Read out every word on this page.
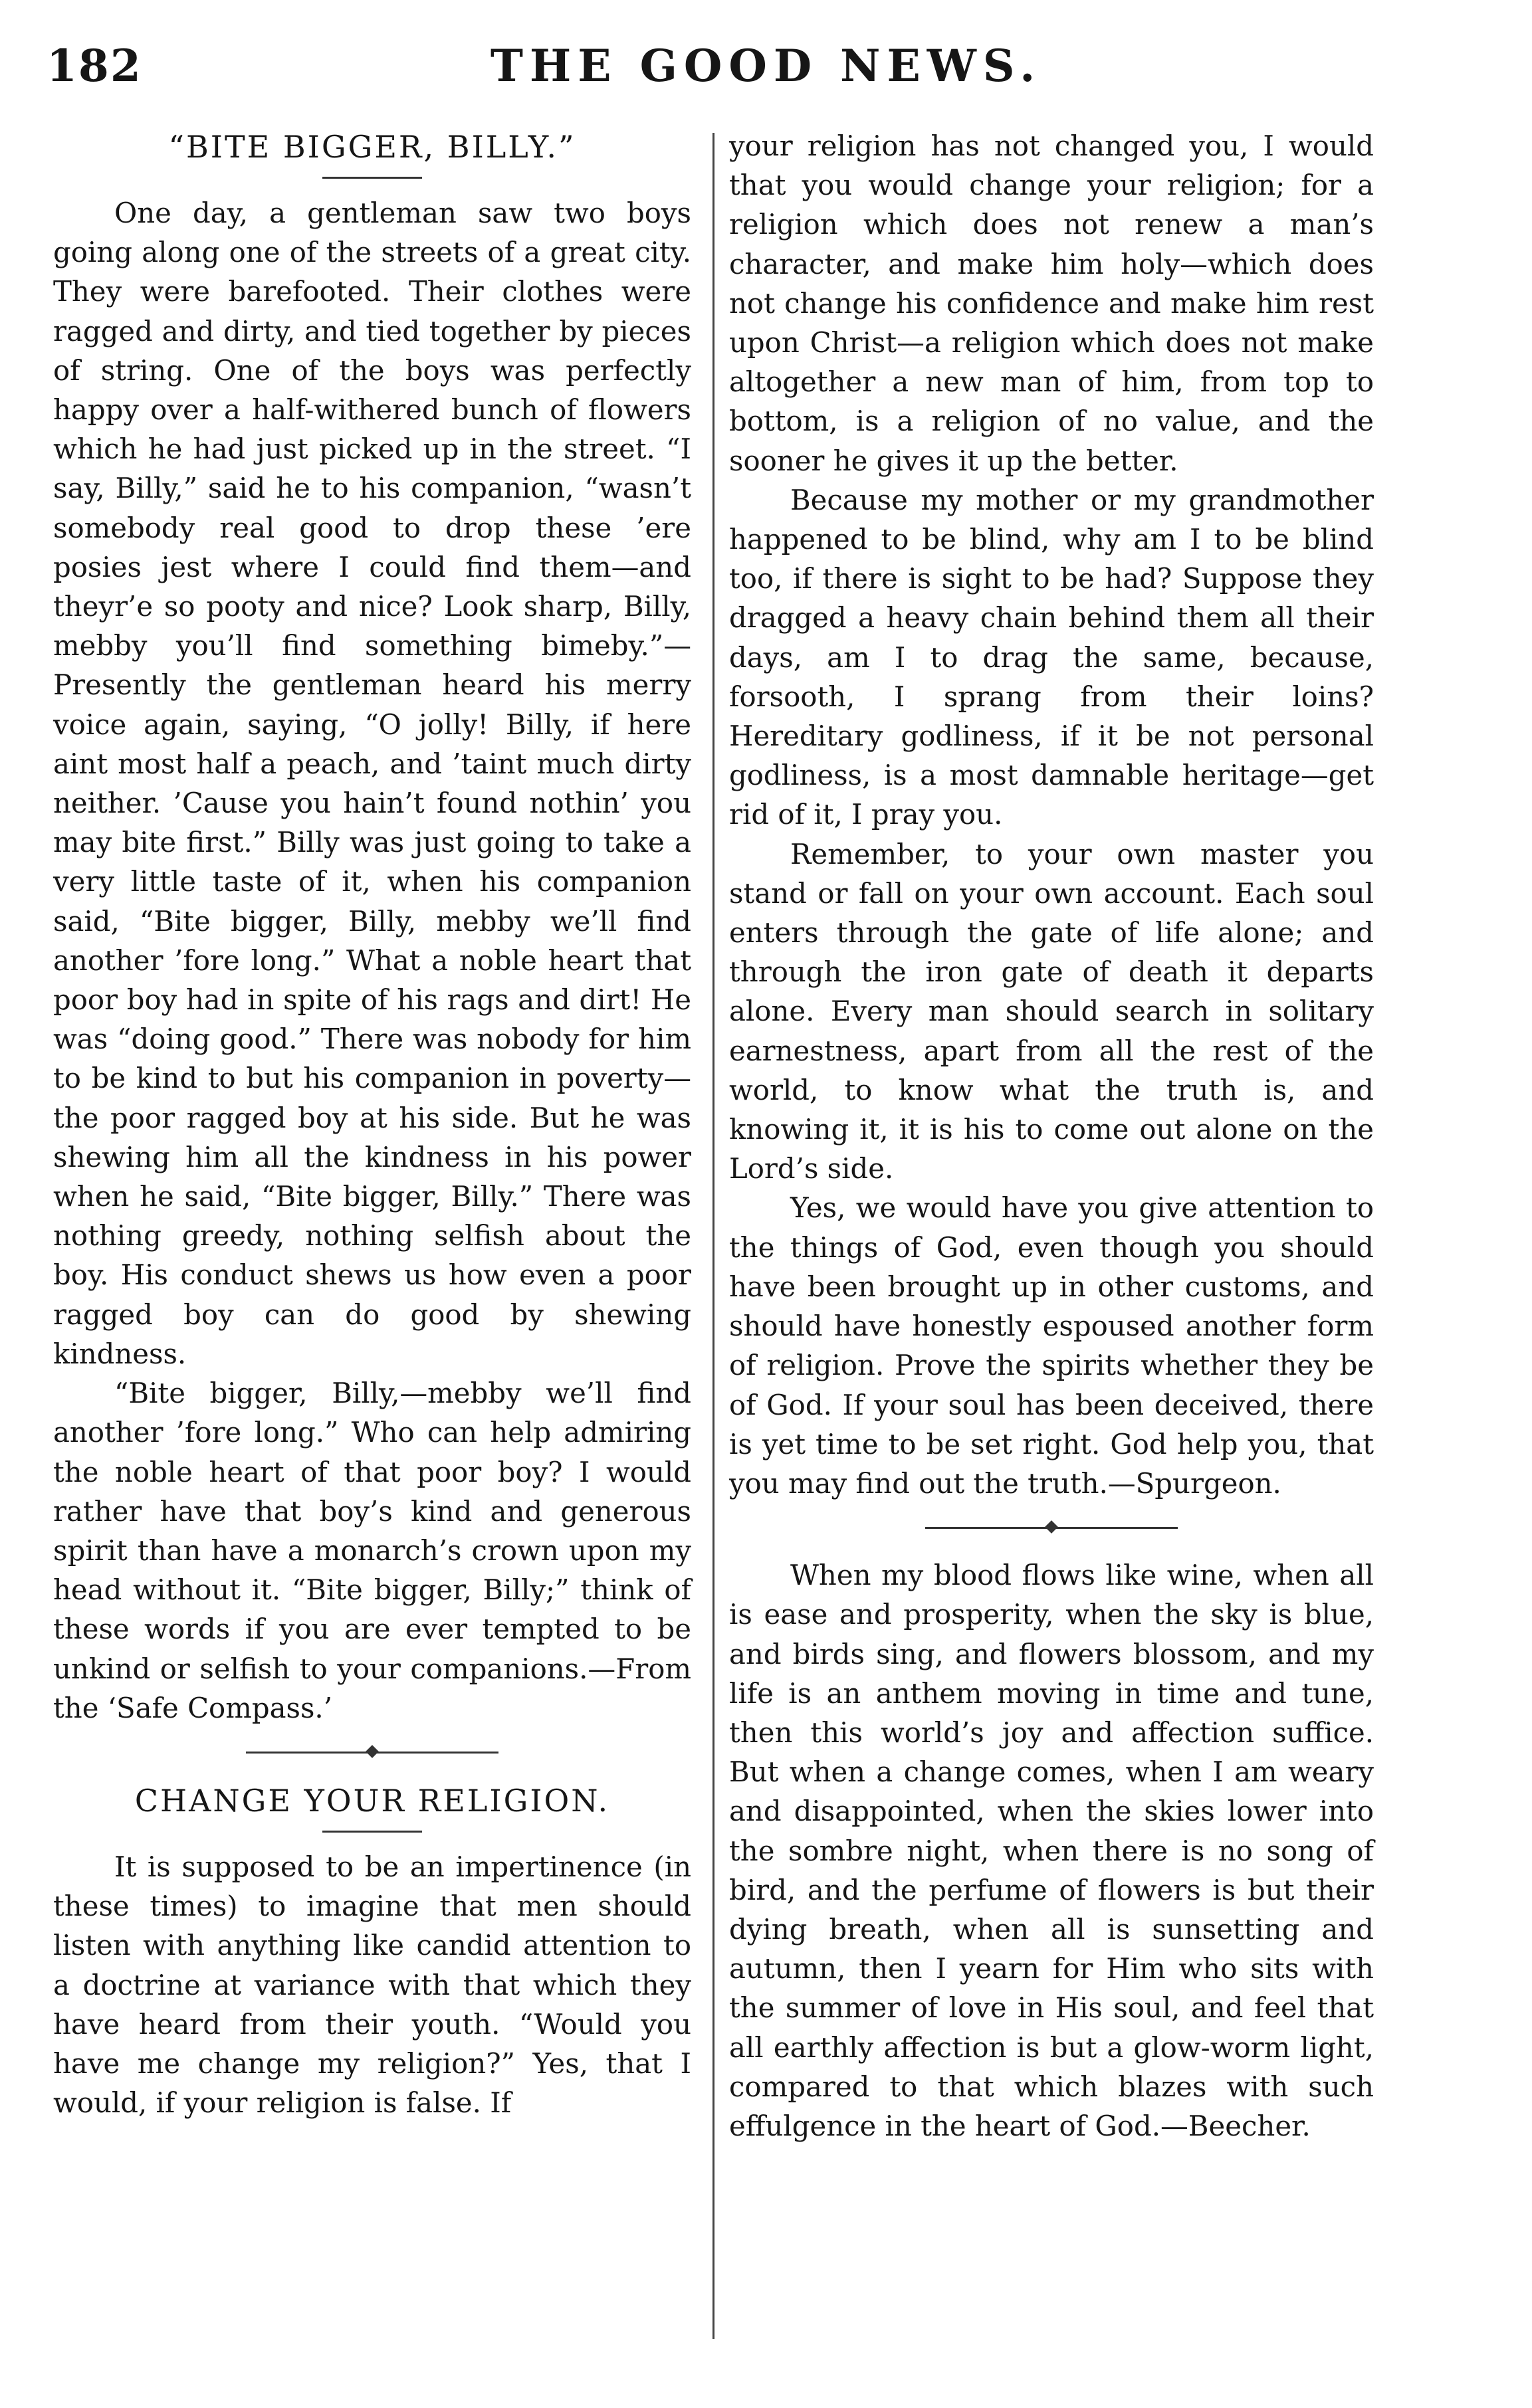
182	THE GOOD NEWS.
“BITE BIGGER, BILLY.”

One day, a gentleman saw two boys going along one of the streets of a great city. They were barefooted. Their clothes were ragged and dirty, and tied together by pieces of string. One of the boys was perfectly happy over a half-withered bunch of flowers which he had just picked up in the street. “I say, Billy,” said he to his companion, “wasn’t somebody real good to drop these ’ere posies jest where I could find them—and theyr’e so pooty and nice? Look sharp, Billy, mebby you’ll find something bimeby.”—Presently the gentleman heard his merry voice again, saying, “O jolly! Billy, if here aint most half a peach, and ’taint much dirty neither. ’Cause you hain’t found nothin’ you may bite first.” Billy was just going to take a very little taste of it, when his companion said, “Bite bigger, Billy, mebby we’ll find another ’fore long.” What a noble heart that poor boy had in spite of his rags and dirt! He was “doing good.” There was nobody for him to be kind to but his companion in poverty—the poor ragged boy at his side. But he was shewing him all the kindness in his power when he said, “Bite bigger, Billy.” There was nothing greedy, nothing selfish about the boy. His conduct shews us how even a poor ragged boy can do good by shewing kindness.

“Bite bigger, Billy,—mebby we’ll find another ’fore long.” Who can help admiring the noble heart of that poor boy? I would rather have that boy’s kind and generous spirit than have a monarch’s crown upon my head without it. “Bite bigger, Billy;” think of these words if you are ever tempted to be unkind or selfish to your companions.—From the ‘Safe Compass.’

CHANGE YOUR RELIGION.

It is supposed to be an impertinence (in these times) to imagine that men should listen with anything like candid attention to a doctrine at variance with that which they have heard from their youth. “Would you have me change my religion?” Yes, that I would, if your religion is false. If

your religion has not changed you, I would that you would change your religion; for a religion which does not renew a man’s character, and make him holy—which does not change his confidence and make him rest upon Christ—a religion which does not make altogether a new man of him, from top to bottom, is a religion of no value, and the sooner he gives it up the better.

Because my mother or my grandmother happened to be blind, why am I to be blind too, if there is sight to be had? Suppose they dragged a heavy chain behind them all their days, am I to drag the same, because, forsooth, I sprang from their loins? Hereditary godliness, if it be not personal godliness, is a most damnable heritage—get rid of it, I pray you.

Remember, to your own master you stand or fall on your own account. Each soul enters through the gate of life alone; and through the iron gate of death it departs alone. Every man should search in solitary earnestness, apart from all the rest of the world, to know what the truth is, and knowing it, it is his to come out alone on the Lord’s side.

Yes, we would have you give attention to the things of God, even though you should have been brought up in other customs, and should have honestly espoused another form of religion. Prove the spirits whether they be of God. If your soul has been deceived, there is yet time to be set right. God help you, that you may find out the truth.—Spurgeon.

When my blood flows like wine, when all is ease and prosperity, when the sky is blue, and birds sing, and flowers blossom, and my life is an anthem moving in time and tune, then this world’s joy and affection suffice. But when a change comes, when I am weary and disappointed, when the skies lower into the sombre night, when there is no song of bird, and the perfume of flowers is but their dying breath, when all is sunsetting and autumn, then I yearn for Him who sits with the summer of love in His soul, and feel that all earthly affection is but a glow-worm light, compared to that which blazes with such effulgence in the heart of God.—Beecher.
